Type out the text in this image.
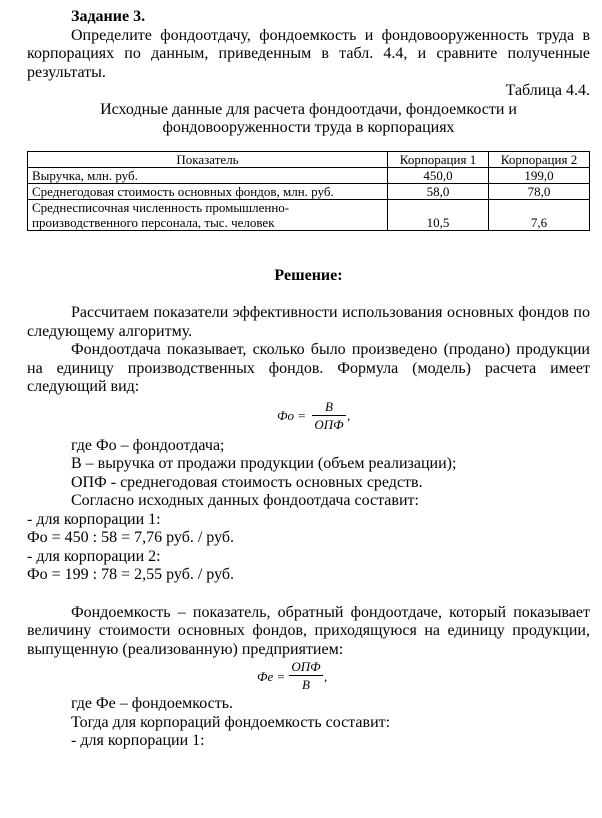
Задание 3.
Определите фондоотдачу, фондоемкость и фондовооруженность труда в корпорациях по данным, приведенным в табл. 4.4, и сравните полученные результаты.
Таблица 4.4.
Исходные данные для расчета фондоотдачи, фондоемкости и
фондовооруженности труда в корпорациях
Показатель	Корпорация 1	Корпорация 2
Выручка, млн. руб.	450,0	199,0
Среднегодовая стоимость основных фондов, млн. руб.	58,0	78,0

Среднесписочная численность промышленно-
производственного персонала, тыс. человек	10,5	7,6
Решение:
Рассчитаем показатели эффективности использования основных фондов по следующему алгоритму.
Фондоотдача показывает, сколько было произведено (продано) продукции на единицу производственных фондов. Формула (модель) расчета имеет следующий вид:
Фо =
В
ОПФ
,
где Фо – фондоотдача;
В – выручка от продажи продукции (объем реализации);
ОПФ - среднегодовая стоимость основных средств.
Согласно исходных данных фондоотдача составит:
- для корпорации 1:
Фо = 450 : 58 = 7,76 руб. / руб.
- для корпорации 2:
Фо = 199 : 78 = 2,55 руб. / руб.
Фондоемкость – показатель, обратный фондоотдаче, который показывает величину стоимости основных фондов, приходящуюся на единицу продукции, выпущенную (реализованную) предприятием:
Фе =
ОПФ
В
,
где Фе – фондоемкость.
Тогда для корпораций фондоемкость составит:
- для корпорации 1:
